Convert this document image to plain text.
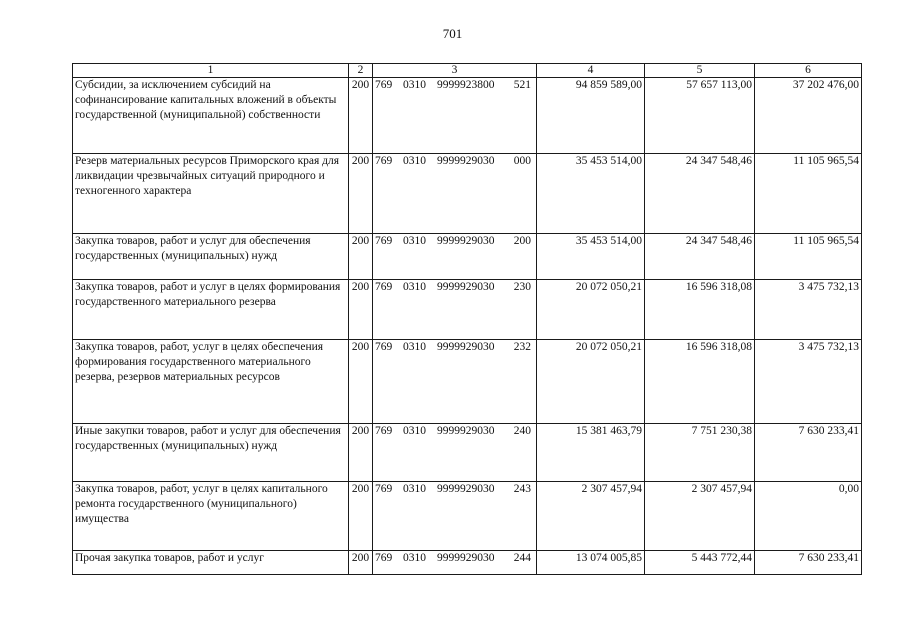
701
1	2	3	4	5	6
Субсидии, за исключением субсидий на софинансирование капитальных вложений в объекты государственной (муниципальной) собственности	200	769 0310 9999923800 521	94 859 589,00	57 657 113,00	37 202 476,00
Резерв материальных ресурсов Приморского края для ликвидации чрезвычайных ситуаций природного и техногенного характера	200	769 0310 9999929030 000	35 453 514,00	24 347 548,46	11 105 965,54
Закупка товаров, работ и услуг для обеспечения государственных (муниципальных) нужд	200	769 0310 9999929030 200	35 453 514,00	24 347 548,46	11 105 965,54
Закупка товаров, работ и услуг в целях формирования государственного материального резерва	200	769 0310 9999929030 230	20 072 050,21	16 596 318,08	3 475 732,13
Закупка товаров, работ, услуг в целях обеспечения формирования государственного материального резерва, резервов материальных ресурсов	200	769 0310 9999929030 232	20 072 050,21	16 596 318,08	3 475 732,13
Иные закупки товаров, работ и услуг для обеспечения государственных (муниципальных) нужд	200	769 0310 9999929030 240	15 381 463,79	7 751 230,38	7 630 233,41
Закупка товаров, работ, услуг в целях капитального ремонта государственного (муниципального) имущества	200	769 0310 9999929030 243	2 307 457,94	2 307 457,94	0,00
Прочая закупка товаров, работ и услуг	200	769 0310 9999929030 244	13 074 005,85	5 443 772,44	7 630 233,41
